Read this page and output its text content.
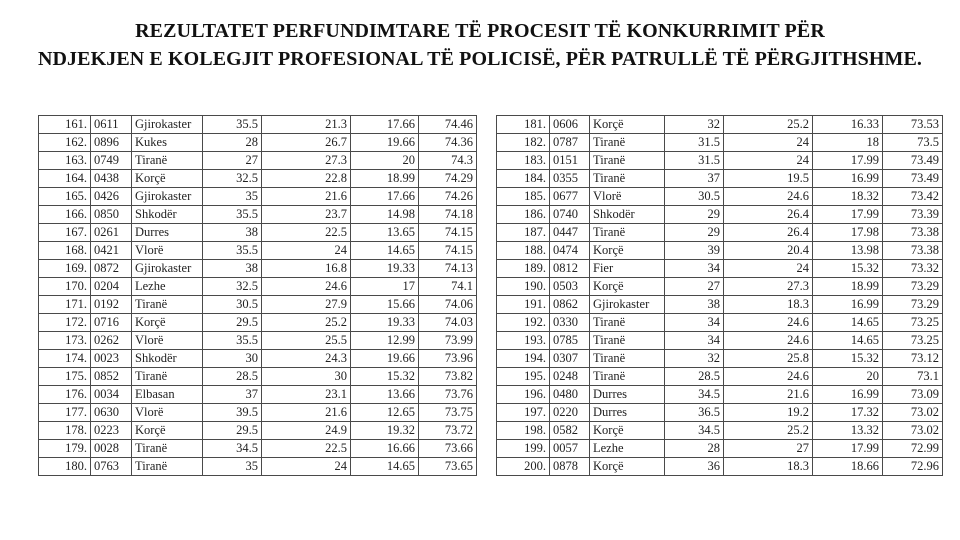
REZULTATET PERFUNDIMTARE TË PROCESIT TË KONKURRIMIT PËR
NDJEKJEN E KOLEGJIT PROFESIONAL TË POLICISË, PËR PATRULLË TË PËRGJITHSHME.
161.	0611	Gjirokaster	35.5	21.3	17.66	74.46
162.	0896	Kukes	28	26.7	19.66	74.36
163.	0749	Tiranë	27	27.3	20	74.3
164.	0438	Korçë	32.5	22.8	18.99	74.29
165.	0426	Gjirokaster	35	21.6	17.66	74.26
166.	0850	Shkodër	35.5	23.7	14.98	74.18
167.	0261	Durres	38	22.5	13.65	74.15
168.	0421	Vlorë	35.5	24	14.65	74.15
169.	0872	Gjirokaster	38	16.8	19.33	74.13
170.	0204	Lezhe	32.5	24.6	17	74.1
171.	0192	Tiranë	30.5	27.9	15.66	74.06
172.	0716	Korçë	29.5	25.2	19.33	74.03
173.	0262	Vlorë	35.5	25.5	12.99	73.99
174.	0023	Shkodër	30	24.3	19.66	73.96
175.	0852	Tiranë	28.5	30	15.32	73.82
176.	0034	Elbasan	37	23.1	13.66	73.76
177.	0630	Vlorë	39.5	21.6	12.65	73.75
178.	0223	Korçë	29.5	24.9	19.32	73.72
179.	0028	Tiranë	34.5	22.5	16.66	73.66
180.	0763	Tiranë	35	24	14.65	73.65
181.	0606	Korçë	32	25.2	16.33	73.53
182.	0787	Tiranë	31.5	24	18	73.5
183.	0151	Tiranë	31.5	24	17.99	73.49
184.	0355	Tiranë	37	19.5	16.99	73.49
185.	0677	Vlorë	30.5	24.6	18.32	73.42
186.	0740	Shkodër	29	26.4	17.99	73.39
187.	0447	Tiranë	29	26.4	17.98	73.38
188.	0474	Korçë	39	20.4	13.98	73.38
189.	0812	Fier	34	24	15.32	73.32
190.	0503	Korçë	27	27.3	18.99	73.29
191.	0862	Gjirokaster	38	18.3	16.99	73.29
192.	0330	Tiranë	34	24.6	14.65	73.25
193.	0785	Tiranë	34	24.6	14.65	73.25
194.	0307	Tiranë	32	25.8	15.32	73.12
195.	0248	Tiranë	28.5	24.6	20	73.1
196.	0480	Durres	34.5	21.6	16.99	73.09
197.	0220	Durres	36.5	19.2	17.32	73.02
198.	0582	Korçë	34.5	25.2	13.32	73.02
199.	0057	Lezhe	28	27	17.99	72.99
200.	0878	Korçë	36	18.3	18.66	72.96
